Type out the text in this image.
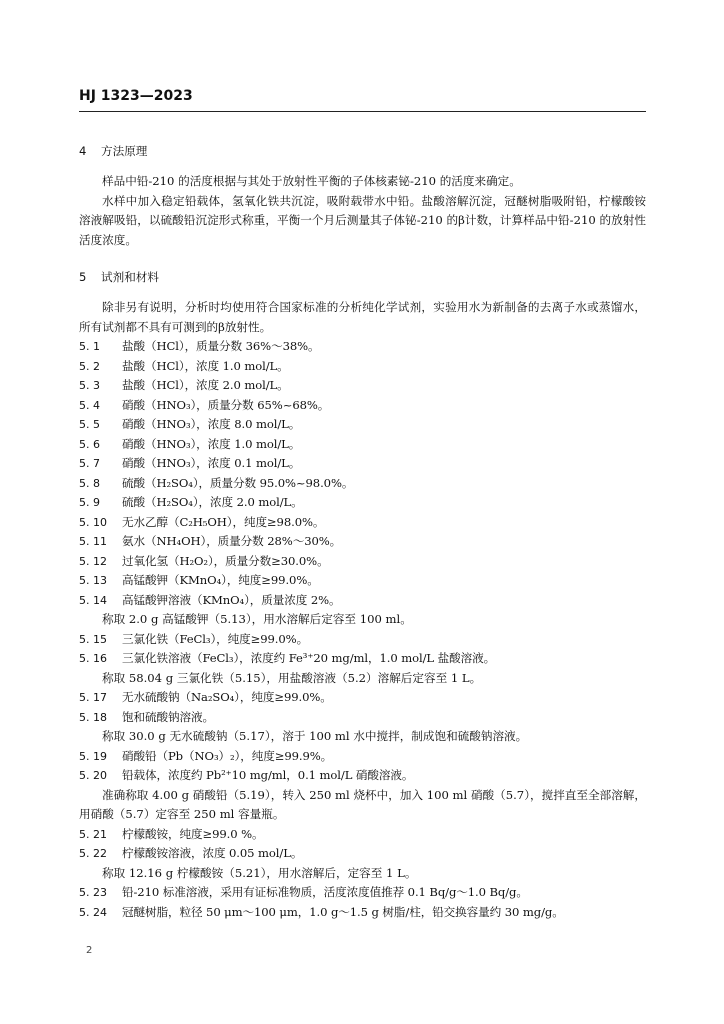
HJ 1323—2023

4 方法原理

样品中铅-210 的活度根据与其处于放射性平衡的子体核素铋-210 的活度来确定。

水样中加入稳定铅载体，氢氧化铁共沉淀，吸附载带水中铅。盐酸溶解沉淀，冠醚树脂吸附铅，柠檬酸铵溶液解吸铅，以硫酸铅沉淀形式称重，平衡一个月后测量其子体铋-210 的β计数，计算样品中铅-210 的放射性活度浓度。

5 试剂和材料

除非另有说明，分析时均使用符合国家标准的分析纯化学试剂，实验用水为新制备的去离子水或蒸馏水，所有试剂都不具有可测到的β放射性。

5. 1 盐酸（HCl），质量分数 36%～38%。

5. 2 盐酸（HCl），浓度 1.0 mol/L。

5. 3 盐酸（HCl），浓度 2.0 mol/L。

5. 4 硝酸（HNO₃），质量分数 65%~68%。

5. 5 硝酸（HNO₃），浓度 8.0 mol/L。

5. 6 硝酸（HNO₃），浓度 1.0 mol/L。

5. 7 硝酸（HNO₃），浓度 0.1 mol/L。

5. 8 硫酸（H₂SO₄），质量分数 95.0%~98.0%。

5. 9 硫酸（H₂SO₄），浓度 2.0 mol/L。

5. 10 无水乙醇（C₂H₅OH），纯度≥98.0%。

5. 11 氨水（NH₄OH），质量分数 28%～30%。

5. 12 过氧化氢（H₂O₂），质量分数≥30.0%。

5. 13 高锰酸钾（KMnO₄），纯度≥99.0%。

5. 14 高锰酸钾溶液（KMnO₄），质量浓度 2%。

称取 2.0 g 高锰酸钾（5.13），用水溶解后定容至 100 ml。

5. 15 三氯化铁（FeCl₃），纯度≥99.0%。

5. 16 三氯化铁溶液（FeCl₃），浓度约 Fe³⁺20 mg/ml，1.0 mol/L 盐酸溶液。

称取 58.04 g 三氯化铁（5.15），用盐酸溶液（5.2）溶解后定容至 1 L。

5. 17 无水硫酸钠（Na₂SO₄），纯度≥99.0%。

5. 18 饱和硫酸钠溶液。

称取 30.0 g 无水硫酸钠（5.17），溶于 100 ml 水中搅拌，制成饱和硫酸钠溶液。

5. 19 硝酸铅（Pb（NO₃）₂），纯度≥99.9%。

5. 20 铅载体，浓度约 Pb²⁺10 mg/ml，0.1 mol/L 硝酸溶液。

准确称取 4.00 g 硝酸铅（5.19），转入 250 ml 烧杯中，加入 100 ml 硝酸（5.7），搅拌直至全部溶解，用硝酸（5.7）定容至 250 ml 容量瓶。

5. 21 柠檬酸铵，纯度≥99.0 %。

5. 22 柠檬酸铵溶液，浓度 0.05 mol/L。

称取 12.16 g 柠檬酸铵（5.21），用水溶解后，定容至 1 L。

5. 23 铅-210 标准溶液，采用有证标准物质，活度浓度值推荐 0.1 Bq/g～1.0 Bq/g。

5. 24 冠醚树脂，粒径 50 μm～100 μm，1.0 g～1.5 g 树脂/柱，铅交换容量约 30 mg/g。

2
